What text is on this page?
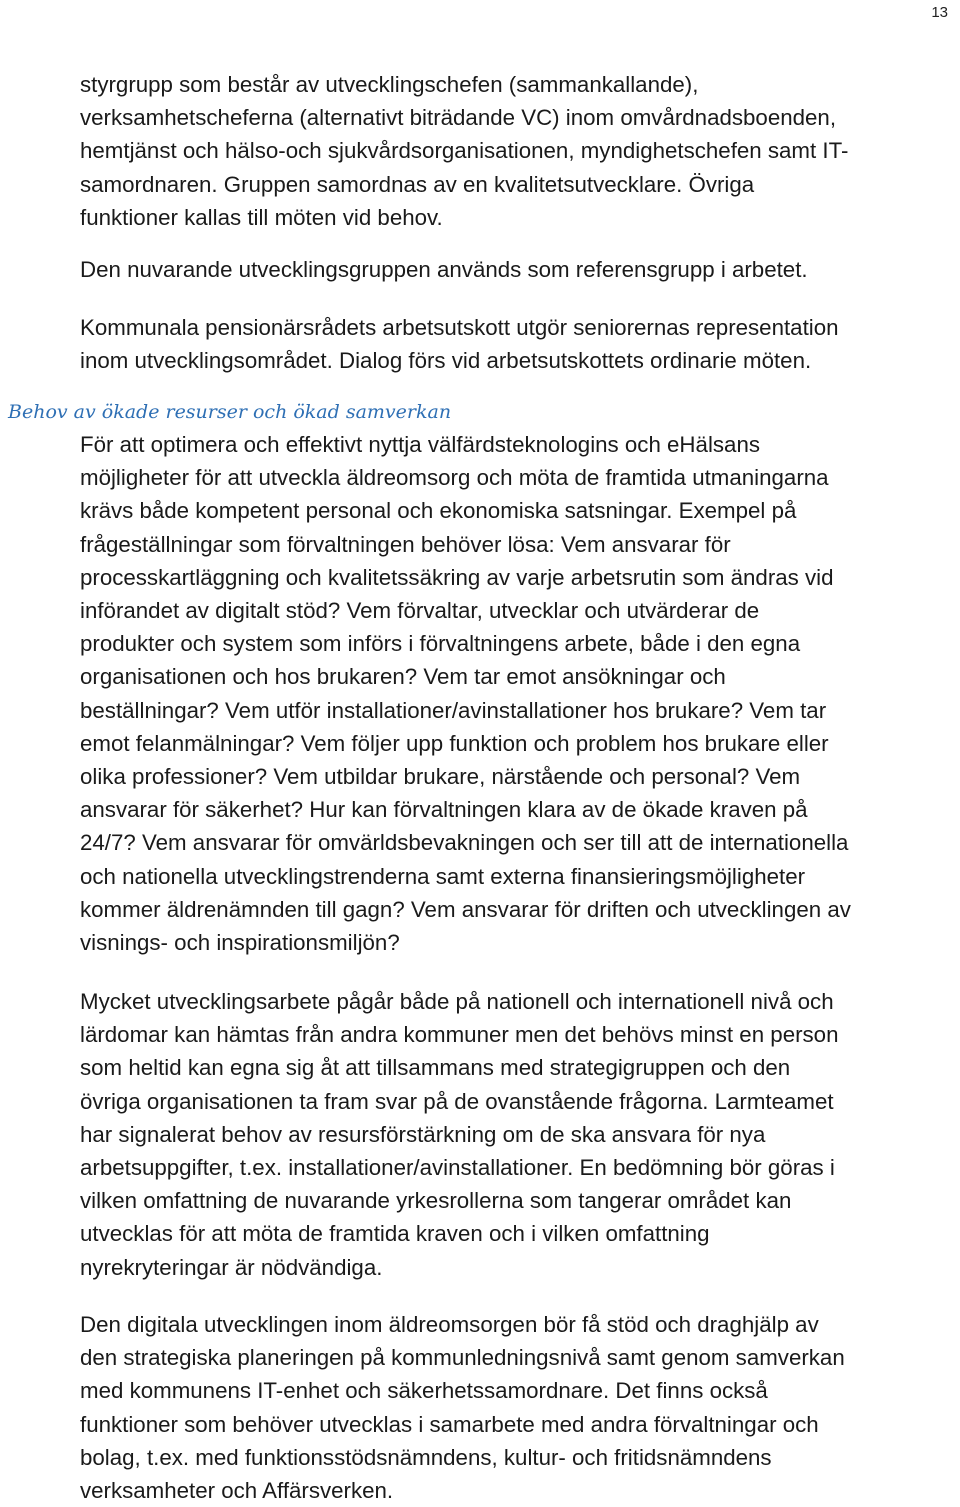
13

styrgrupp som består av utvecklingschefen (sammankallande),
verksamhetscheferna (alternativt biträdande VC) inom omvårdnadsboenden,
hemtjänst och hälso-och sjukvårdsorganisationen, myndighetschefen samt IT-
samordnaren. Gruppen samordnas av en kvalitetsutvecklare. Övriga
funktioner kallas till möten vid behov.

Den nuvarande utvecklingsgruppen används som referensgrupp i arbetet.

Kommunala pensionärsrådets arbetsutskott utgör seniorernas representation
inom utvecklingsområdet. Dialog förs vid arbetsutskottets ordinarie möten.

Behov av ökade resurser och ökad samverkan

För att optimera och effektivt nyttja välfärdsteknologins och eHälsans
möjligheter för att utveckla äldreomsorg och möta de framtida utmaningarna
krävs både kompetent personal och ekonomiska satsningar. Exempel på
frågeställningar som förvaltningen behöver lösa: Vem ansvarar för
processkartläggning och kvalitetssäkring av varje arbetsrutin som ändras vid
införandet av digitalt stöd? Vem förvaltar, utvecklar och utvärderar de
produkter och system som införs i förvaltningens arbete, både i den egna
organisationen och hos brukaren? Vem tar emot ansökningar och
beställningar? Vem utför installationer/avinstallationer hos brukare? Vem tar
emot felanmälningar? Vem följer upp funktion och problem hos brukare eller
olika professioner? Vem utbildar brukare, närstående och personal? Vem
ansvarar för säkerhet? Hur kan förvaltningen klara av de ökade kraven på
24/7? Vem ansvarar för omvärldsbevakningen och ser till att de internationella
och nationella utvecklingstrenderna samt externa finansieringsmöjligheter
kommer äldrenämnden till gagn? Vem ansvarar för driften och utvecklingen av
visnings- och inspirationsmiljön?

Mycket utvecklingsarbete pågår både på nationell och internationell nivå och
lärdomar kan hämtas från andra kommuner men det behövs minst en person
som heltid kan egna sig åt att tillsammans med strategigruppen och den
övriga organisationen ta fram svar på de ovanstående frågorna. Larmteamet
har signalerat behov av resursförstärkning om de ska ansvara för nya
arbetsuppgifter, t.ex. installationer/avinstallationer. En bedömning bör göras i
vilken omfattning de nuvarande yrkesrollerna som tangerar området kan
utvecklas för att möta de framtida kraven och i vilken omfattning
nyrekryteringar är nödvändiga.

Den digitala utvecklingen inom äldreomsorgen bör få stöd och draghjälp av
den strategiska planeringen på kommunledningsnivå samt genom samverkan
med kommunens IT-enhet och säkerhetssamordnare. Det finns också
funktioner som behöver utvecklas i samarbete med andra förvaltningar och
bolag, t.ex. med funktionsstödsnämndens, kultur- och fritidsnämndens
verksamheter och Affärsverken.
